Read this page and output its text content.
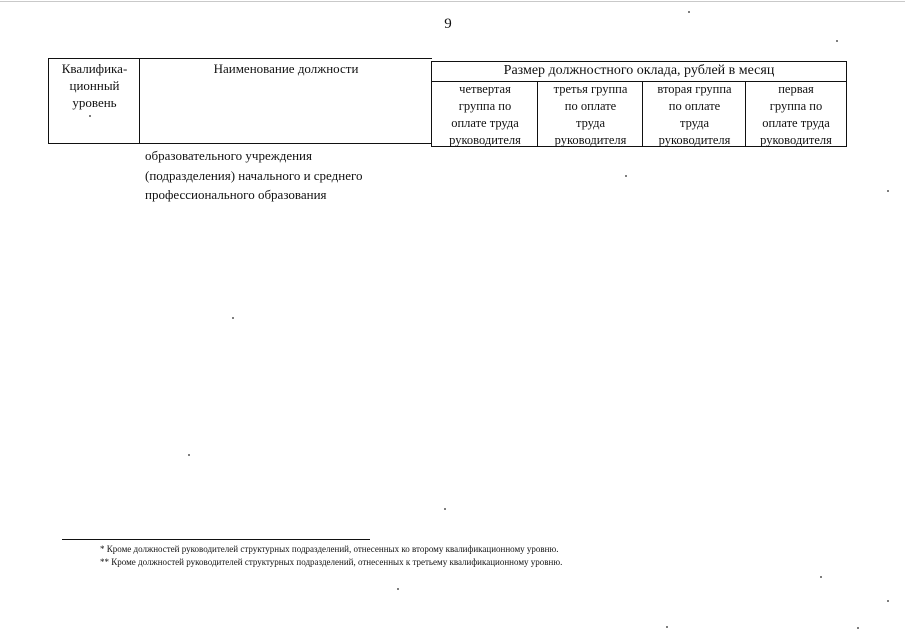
9
Квалифика-
ционный
уровень
Наименование должности	Размер должностного оклада, рублей в месяц
четвертая
группа по
оплате труда
руководителя
третья группа
по оплате
труда
руководителя
вторая группа
по оплате
труда
руководителя
первая
группа по
оплате труда
руководителя
образовательного учреждения
(подразделения) начального и среднего
профессионального образования
* Кроме должностей руководителей структурных подразделений, отнесенных ко второму квалификационному уровню.
** Кроме должностей руководителей структурных подразделений, отнесенных к третьему квалификационному уровню.
